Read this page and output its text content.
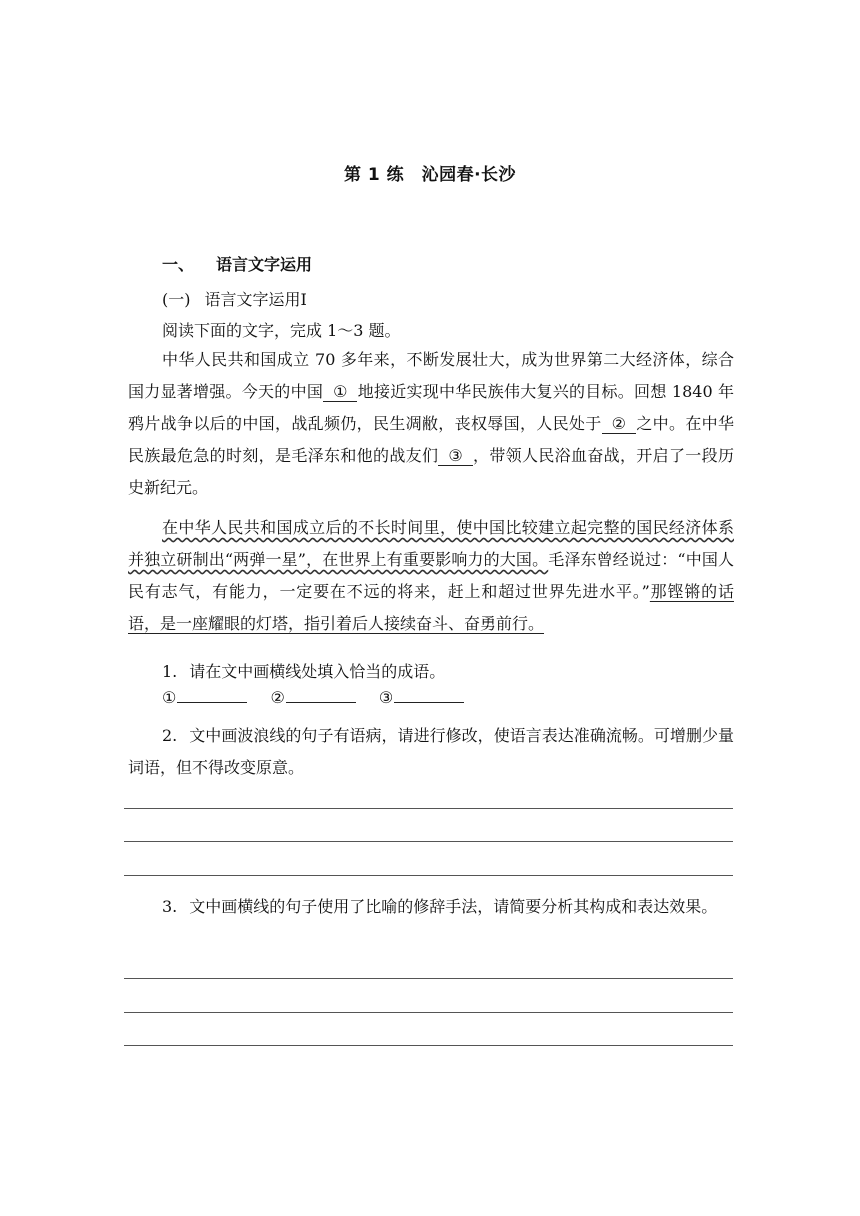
第 1 练　沁园春·长沙
一、 语言文字运用
(一) 语言文字运用Ⅰ
阅读下面的文字，完成 1～3 题。
中华人民共和国成立 70 多年来，不断发展壮大，成为世界第二大经济体，综合国力显著增强。今天的中国 ① 地接近实现中华民族伟大复兴的目标。回想 1840 年鸦片战争以后的中国，战乱频仍，民生凋敝，丧权辱国，人民处于 ② 之中。在中华民族最危急的时刻，是毛泽东和他的战友们 ③ ，带领人民浴血奋战，开启了一段历史新纪元。
在中华人民共和国成立后的不长时间里，使中国比较建立起完整的国民经济体系并独立研制出“两弹一星”，在世界上有重要影响力的大国。毛泽东曾经说过：“中国人民有志气，有能力，一定要在不远的将来，赶上和超过世界先进水平。”那铿锵的话语，是一座耀眼的灯塔，指引着后人接续奋斗、奋勇前行。
1. 请在文中画横线处填入恰当的成语。
①	②	③
2. 文中画波浪线的句子有语病，请进行修改，使语言表达准确流畅。可增删少量词语，但不得改变原意。
3. 文中画横线的句子使用了比喻的修辞手法，请简要分析其构成和表达效果。
